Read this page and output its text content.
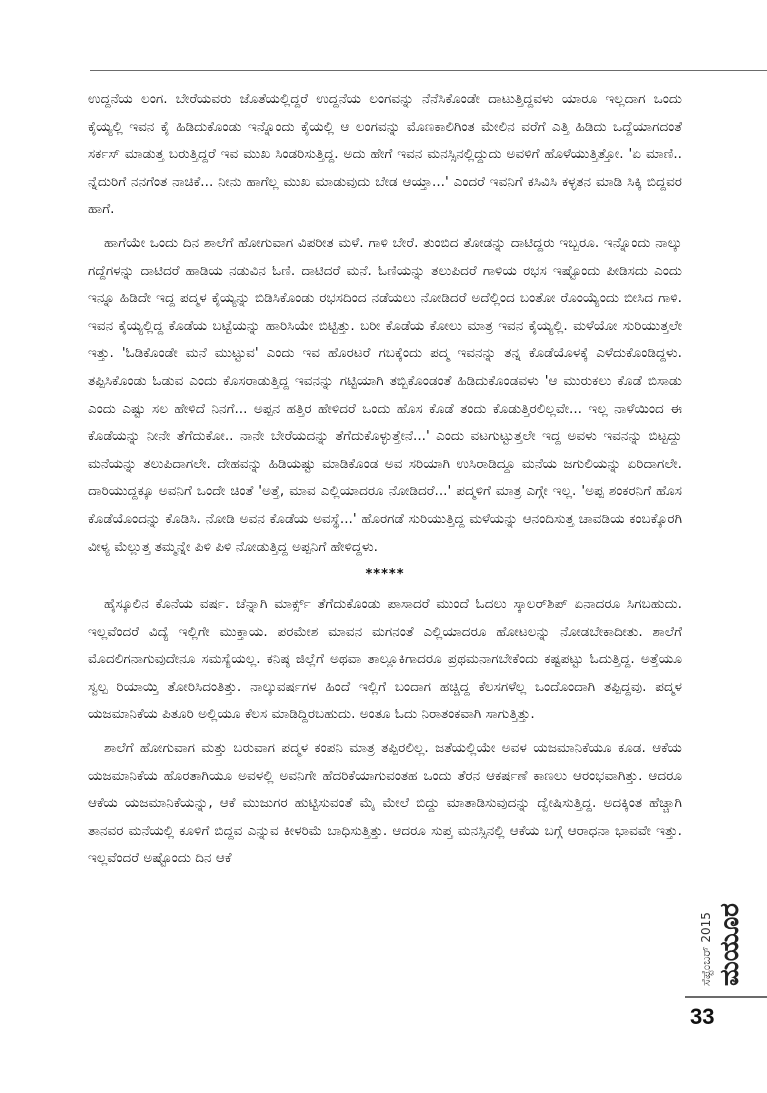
ಉದ್ದನೆಯ ಲಂಗ. ಬೇರೆಯವರು ಜೊತೆಯಲ್ಲಿದ್ದರೆ ಉದ್ದನೆಯ ಲಂಗವನ್ನು ನೆನೆಸಿಕೊಂಡೇ ದಾಟುತ್ತಿದ್ದವಳು ಯಾರೂ ಇಲ್ಲದಾಗ ಒಂದು ಕೈಯ್ಯಲ್ಲಿ ಇವನ ಕೈ ಹಿಡಿದುಕೊಂಡು ಇನ್ನೊಂದು ಕೈಯಲ್ಲಿ ಆ ಲಂಗವನ್ನು ಮೊಣಕಾಲಿಗಿಂತ ಮೇಲಿನ ವರೆಗೆ ಎತ್ತಿ ಹಿಡಿದು ಒದ್ದೆಯಾಗದಂತೆ ಸರ್ಕಸ್ ಮಾಡುತ್ತ ಬರುತ್ತಿದ್ದರೆ ಇವ ಮುಖ ಸಿಂಡರಿಸುತ್ತಿದ್ದ. ಅದು ಹೇಗೆ ಇವನ ಮನಸ್ಸಿನಲ್ಲಿದ್ದುದು ಅವಳಿಗೆ ಹೊಳೆಯುತ್ತಿತ್ತೋ. 'ಏ ಮಾಣಿ.. ನ್ನೆದುರಿಗೆ ನನಗೆಂತ ನಾಚಿಕೆ... ನೀನು ಹಾಗೆಲ್ಲ ಮುಖ ಮಾಡುವುದು ಬೇಡ ಆಯ್ತಾ...' ಎಂದರೆ ಇವನಿಗೆ ಕಸಿವಿಸಿ ಕಳ್ಳತನ ಮಾಡಿ ಸಿಕ್ಕಿ ಬಿದ್ದವರ ಹಾಗೆ.

ಹಾಗೆಯೇ ಒಂದು ದಿನ ಶಾಲೆಗೆ ಹೋಗುವಾಗ ವಿಪರೀತ ಮಳೆ. ಗಾಳಿ ಬೇರೆ. ತುಂಬಿದ ತೋಡನ್ನು ದಾಟಿದ್ದರು ಇಬ್ಬರೂ. ಇನ್ನೊಂದು ನಾಲ್ಕು ಗದ್ದೆಗಳನ್ನು ದಾಟಿದರೆ ಹಾಡಿಯ ನಡುವಿನ ಓಣಿ. ದಾಟಿದರೆ ಮನೆ. ಓಣಿಯನ್ನು ತಲುಪಿದರೆ ಗಾಳಿಯ ರಭಸ ಇಷ್ಟೊಂದು ಪೀಡಿಸದು ಎಂದು ಇನ್ನೂ ಹಿಡಿದೇ ಇದ್ದ ಪದ್ಮಳ ಕೈಯ್ಯನ್ನು ಬಿಡಿಸಿಕೊಂಡು ರಭಸದಿಂದ ನಡೆಯಲು ನೋಡಿದರೆ ಅದೆಲ್ಲಿಂದ ಬಂತೋ ರೊಂಯ್ಯೆಂದು ಬೀಸಿದ ಗಾಳಿ. ಇವನ ಕೈಯ್ಯಲ್ಲಿದ್ದ ಕೊಡೆಯ ಬಟ್ಟೆಯನ್ನು ಹಾರಿಸಿಯೇ ಬಿಟ್ಟಿತ್ತು. ಬರೀ ಕೊಡೆಯ ಕೋಲು ಮಾತ್ರ ಇವನ ಕೈಯ್ಯಲ್ಲಿ. ಮಳೆಯೋ ಸುರಿಯುತ್ತಲೇ ಇತ್ತು. 'ಓಡಿಕೊಂಡೇ ಮನೆ ಮುಟ್ಟುವ' ಎಂದು ಇವ ಹೊರಟರೆ ಗಬಕ್ಕೆಂದು ಪದ್ಮ ಇವನನ್ನು ತನ್ನ ಕೊಡೆಯೊಳಕ್ಕೆ ಎಳೆದುಕೊಂಡಿದ್ದಳು. ತಪ್ಪಿಸಿಕೊಂಡು ಓಡುವ ಎಂದು ಕೊಸರಾಡುತ್ತಿದ್ದ ಇವನನ್ನು ಗಟ್ಟಿಯಾಗಿ ತಬ್ಬಿಕೊಂಡಂತೆ ಹಿಡಿದುಕೊಂಡವಳು 'ಆ ಮುರುಕಲು ಕೊಡೆ ಬಿಸಾಡು ಎಂದು ಎಷ್ಟು ಸಲ ಹೇಳಿದೆ ನಿನಗೆ... ಅಪ್ಪನ ಹತ್ತಿರ ಹೇಳಿದರೆ ಒಂದು ಹೊಸ ಕೊಡೆ ತಂದು ಕೊಡುತ್ತಿರಲಿಲ್ಲವೇ... ಇಲ್ಲ ನಾಳೆಯಿಂದ ಈ ಕೊಡೆಯನ್ನು ನೀನೇ ತೆಗೆದುಕೋ.. ನಾನೇ ಬೇರೆಯದನ್ನು ತೆಗೆದುಕೊಳ್ಳುತ್ತೇನೆ...' ಎಂದು ವಟಗುಟ್ಟುತ್ತಲೇ ಇದ್ದ ಅವಳು ಇವನನ್ನು ಬಿಟ್ಟದ್ದು ಮನೆಯನ್ನು ತಲುಪಿದಾಗಲೇ. ದೇಹವನ್ನು ಹಿಡಿಯಷ್ಟು ಮಾಡಿಕೊಂಡ ಅವ ಸರಿಯಾಗಿ ಉಸಿರಾಡಿದ್ದೂ ಮನೆಯ ಜಗುಲಿಯನ್ನು ಏರಿದಾಗಲೇ. ದಾರಿಯುದ್ದಕ್ಕೂ ಅವನಿಗೆ ಒಂದೇ ಚಿಂತೆ 'ಅತ್ತೆ, ಮಾವ ಎಲ್ಲಿಯಾದರೂ ನೋಡಿದರೆ...' ಪದ್ಮಳಿಗೆ ಮಾತ್ರ ಎಗ್ಗೇ ಇಲ್ಲ. 'ಅಪ್ಪ ಶಂಕರನಿಗೆ ಹೊಸ ಕೊಡೆಯೊಂದನ್ನು ಕೊಡಿಸಿ. ನೋಡಿ ಅವನ ಕೊಡೆಯ ಅವಸ್ಥೆ...' ಹೊರಗಡೆ ಸುರಿಯುತ್ತಿದ್ದ ಮಳೆಯನ್ನು ಆನಂದಿಸುತ್ತ ಚಾವಡಿಯ ಕಂಬಕ್ಕೊರಗಿ ವೀಳ್ಯ ಮೆಲ್ಲುತ್ತ ತಮ್ಮನ್ನೇ ಪಿಳಿ ಪಿಳಿ ನೋಡುತ್ತಿದ್ದ ಅಪ್ಪನಿಗೆ ಹೇಳಿದ್ದಳು.

*****

ಹೈಸ್ಕೂಲಿನ ಕೊನೆಯ ವರ್ಷ. ಚೆನ್ನಾಗಿ ಮಾರ್ಕ್ಸ್ ತೆಗೆದುಕೊಂಡು ಪಾಸಾದರೆ ಮುಂದೆ ಓದಲು ಸ್ಕಾಲರ್‌ಶಿಪ್ ಏನಾದರೂ ಸಿಗಬಹುದು. ಇಲ್ಲವೆಂದರೆ ವಿದ್ಯೆ ಇಲ್ಲಿಗೇ ಮುಕ್ತಾಯ. ಪರಮೇಶ ಮಾವನ ಮಗನಂತೆ ಎಲ್ಲಿಯಾದರೂ ಹೋಟಲನ್ನು ನೋಡಬೇಕಾದೀತು. ಶಾಲೆಗೆ ಮೊದಲಿಗನಾಗುವುದೇನೂ ಸಮಸ್ಯೆಯಲ್ಲ. ಕನಿಷ್ಠ ಜಿಲ್ಲೆಗೆ ಅಥವಾ ತಾಲ್ಲೂಕಿಗಾದರೂ ಪ್ರಥಮನಾಗಬೇಕೆಂದು ಕಷ್ಟಪಟ್ಟು ಓದುತ್ತಿದ್ದ. ಅತ್ತೆಯೂ ಸ್ವಲ್ಪ ರಿಯಾಯ್ತಿ ತೋರಿಸಿದಂತಿತ್ತು. ನಾಲ್ಕುವರ್ಷಗಳ ಹಿಂದೆ ಇಲ್ಲಿಗೆ ಬಂದಾಗ ಹಚ್ಚಿದ್ದ ಕೆಲಸಗಳೆಲ್ಲ ಒಂದೊಂದಾಗಿ ತಪ್ಪಿದ್ದವು. ಪದ್ಮಳ ಯಜಮಾನಿಕೆಯ ಪಿತೂರಿ ಅಲ್ಲಿಯೂ ಕೆಲಸ ಮಾಡಿದ್ದಿರಬಹುದು. ಅಂತೂ ಓದು ನಿರಾತಂಕವಾಗಿ ಸಾಗುತ್ತಿತ್ತು.

ಶಾಲೆಗೆ ಹೋಗುವಾಗ ಮತ್ತು ಬರುವಾಗ ಪದ್ಮಳ ಕಂಪನಿ ಮಾತ್ರ ತಪ್ಪಿರಲಿಲ್ಲ. ಜತೆಯಲ್ಲಿಯೇ ಅವಳ ಯಜಮಾನಿಕೆಯೂ ಕೂಡ. ಆಕೆಯ ಯಜಮಾನಿಕೆಯ ಹೊರತಾಗಿಯೂ ಅವಳಲ್ಲಿ ಅವನಿಗೇ ಹೆದರಿಕೆಯಾಗುವಂತಹ ಒಂದು ತೆರನ ಆಕರ್ಷಣೆ ಕಾಣಲು ಆರಂಭವಾಗಿತ್ತು. ಆದರೂ ಆಕೆಯ ಯಜಮಾನಿಕೆಯನ್ನು, ಆಕೆ ಮುಜುಗರ ಹುಟ್ಟಿಸುವಂತೆ ಮೈ ಮೇಲೆ ಬಿದ್ದು ಮಾತಾಡಿಸುವುದನ್ನು ದ್ವೇಷಿಸುತ್ತಿದ್ದ. ಅದಕ್ಕಿಂತ ಹೆಚ್ಚಾಗಿ ತಾನವರ ಮನೆಯಲ್ಲಿ ಕೂಳಿಗೆ ಬಿದ್ದವ ಎನ್ನುವ ಕೀಳರಿಮೆ ಬಾಧಿಸುತ್ತಿತ್ತು. ಆದರೂ ಸುಪ್ತ ಮನಸ್ಸಿನಲ್ಲಿ ಆಕೆಯ ಬಗ್ಗೆ ಆರಾಧನಾ ಭಾವವೇ ಇತ್ತು. ಇಲ್ಲವೆಂದರೆ ಅಷ್ಟೊಂದು ದಿನ ಆಕೆ

ಮಯೂರ
ಸೆಪ್ಟೆಂಬರ್ 2015
33
